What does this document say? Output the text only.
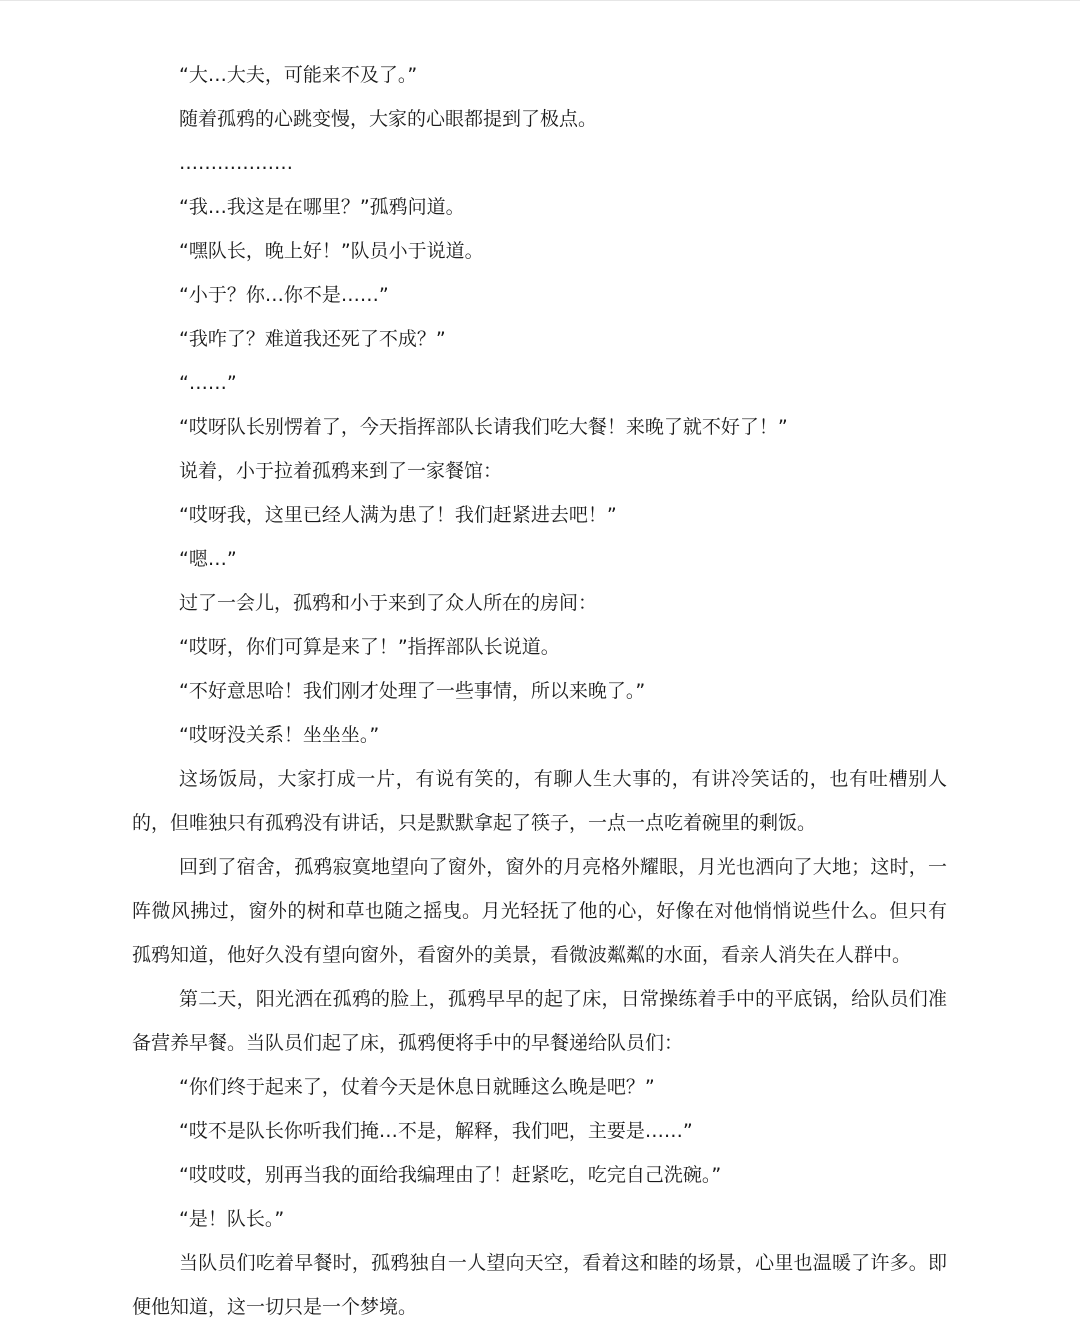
“大…大夫，可能来不及了。”

随着孤鸦的心跳变慢，大家的心眼都提到了极点。

………………

“我…我这是在哪里？”孤鸦问道。

“嘿队长，晚上好！”队员小于说道。

“小于？你…你不是……”

“我咋了？难道我还死了不成？”

“……”

“哎呀队长别愣着了，今天指挥部队长请我们吃大餐！来晚了就不好了！”

说着，小于拉着孤鸦来到了一家餐馆：

“哎呀我，这里已经人满为患了！我们赶紧进去吧！”

“嗯…”

过了一会儿，孤鸦和小于来到了众人所在的房间：

“哎呀，你们可算是来了！”指挥部队长说道。

“不好意思哈！我们刚才处理了一些事情，所以来晚了。”

“哎呀没关系！坐坐坐。”

这场饭局，大家打成一片，有说有笑的，有聊人生大事的，有讲冷笑话的，也有吐槽别人的，但唯独只有孤鸦没有讲话，只是默默拿起了筷子，一点一点吃着碗里的剩饭。

回到了宿舍，孤鸦寂寞地望向了窗外，窗外的月亮格外耀眼，月光也洒向了大地；这时，一阵微风拂过，窗外的树和草也随之摇曳。月光轻抚了他的心，好像在对他悄悄说些什么。但只有孤鸦知道，他好久没有望向窗外，看窗外的美景，看微波粼粼的水面，看亲人消失在人群中。

第二天，阳光洒在孤鸦的脸上，孤鸦早早的起了床，日常操练着手中的平底锅，给队员们准备营养早餐。当队员们起了床，孤鸦便将手中的早餐递给队员们：

“你们终于起来了，仗着今天是休息日就睡这么晚是吧？”

“哎不是队长你听我们掩…不是，解释，我们吧，主要是……”

“哎哎哎，别再当我的面给我编理由了！赶紧吃，吃完自己洗碗。”

“是！队长。”

当队员们吃着早餐时，孤鸦独自一人望向天空，看着这和睦的场景，心里也温暖了许多。即便他知道，这一切只是一个梦境。
